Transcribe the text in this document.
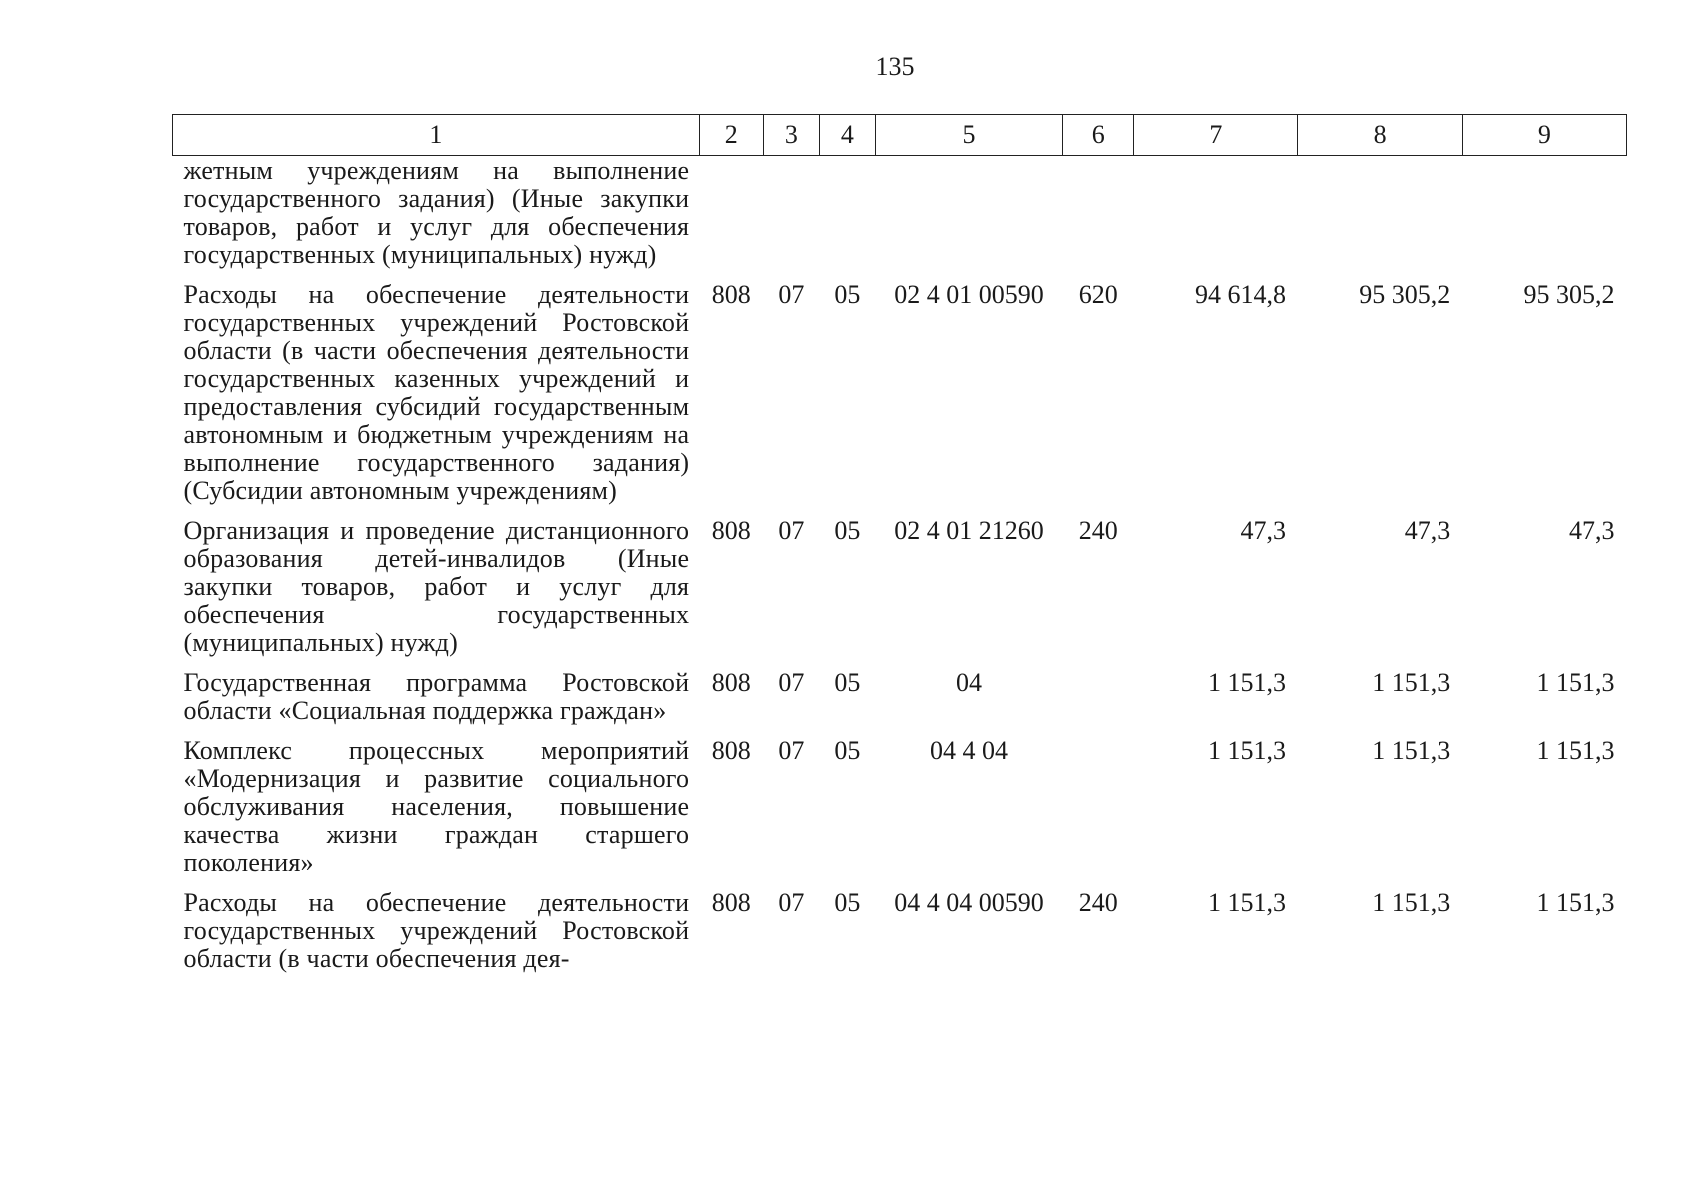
135
1	2	3	4	5	6	7	8	9
жетным учреждениям на выполнение государственного задания) (Иные закупки товаров, работ и услуг для обеспечения государственных (муниципальных) нужд)								
Расходы на обеспечение деятельности государственных учреждений Ростовской области (в части обеспечения деятельности государственных казенных учреждений и предоставления субсидий государственным автономным и бюджетным учреждениям на выполнение государственного задания) (Субсидии автономным учреждениям)	808	07	05	02 4 01 00590	620	94 614,8	95 305,2	95 305,2
Организация и проведение дистанционного образования детей-инвалидов (Иные закупки товаров, работ и услуг для обеспечения государственных (муниципальных) нужд)	808	07	05	02 4 01 21260	240	47,3	47,3	47,3
Государственная программа Ростовской области «Социальная поддержка граждан»	808	07	05	04		1 151,3	1 151,3	1 151,3
Комплекс процессных мероприятий «Модернизация и развитие социального обслуживания населения, повышение качества жизни граждан старшего поколения»	808	07	05	04 4 04		1 151,3	1 151,3	1 151,3
Расходы на обеспечение деятельности государственных учреждений Ростовской области (в части обеспечения дея-	808	07	05	04 4 04 00590	240	1 151,3	1 151,3	1 151,3
